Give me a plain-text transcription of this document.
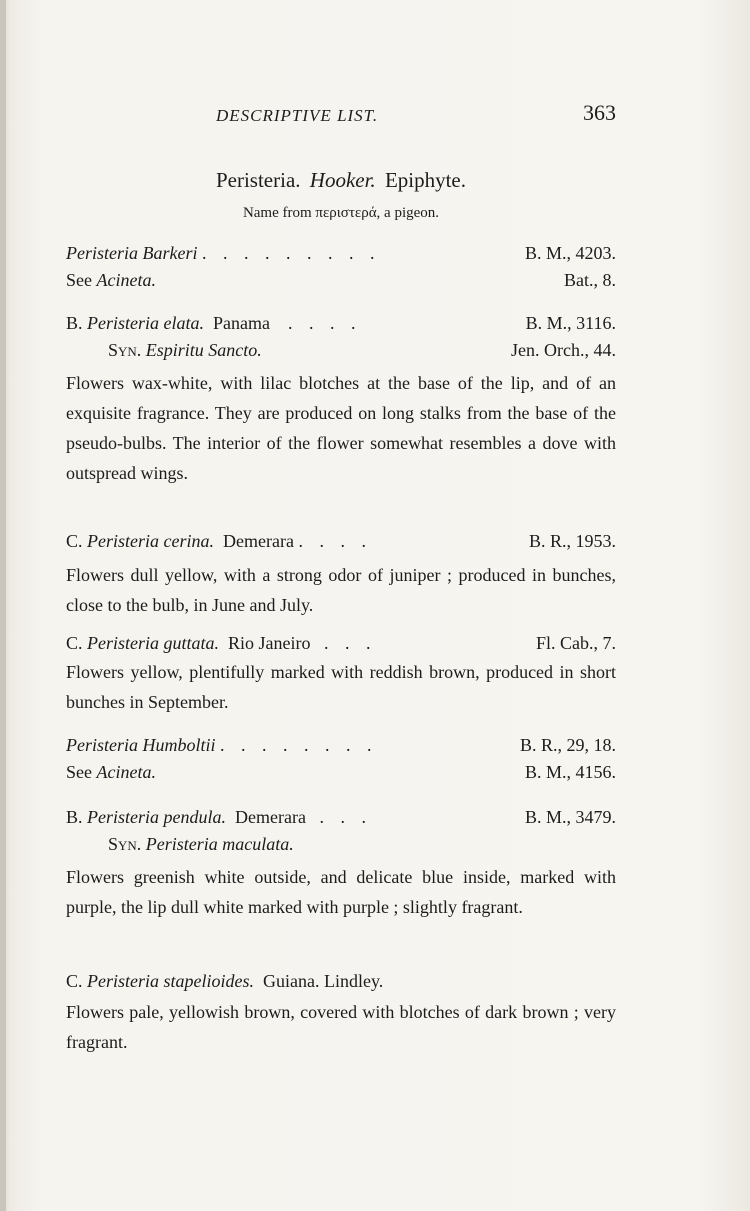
DESCRIPTIVE LIST.	363
Peristeria. Hooker. Epiphyte.
Name from περιστερά, a pigeon.
Peristeria Barkeri . . . . . . . . .	B. M., 4203.
See Acineta.	Bat., 8.
B. Peristeria elata. Panama . . . .	B. M., 3116.
Syn. Espiritu Sancto.	Jen. Orch., 44.
Flowers wax-white, with lilac blotches at the base of the lip, and of an exquisite fragrance. They are produced on long stalks from the base of the pseudo-bulbs. The interior of the flower somewhat resembles a dove with outspread wings.
C. Peristeria cerina. Demerara . . . .	B. R., 1953.
Flowers dull yellow, with a strong odor of juniper ; produced in bunches, close to the bulb, in June and July.
C. Peristeria guttata. Rio Janeiro . . .	Fl. Cab., 7.
Flowers yellow, plentifully marked with reddish brown, produced in short bunches in September.
Peristeria Humboltii . . . . . . . .	B. R., 29, 18.
See Acineta.	B. M., 4156.
B. Peristeria pendula. Demerara . . .	B. M., 3479.
Syn. Peristeria maculata.
Flowers greenish white outside, and delicate blue inside, marked with purple, the lip dull white marked with purple ; slightly fragrant.
C. Peristeria stapelioides. Guiana. Lindley.
Flowers pale, yellowish brown, covered with blotches of dark brown ; very fragrant.
